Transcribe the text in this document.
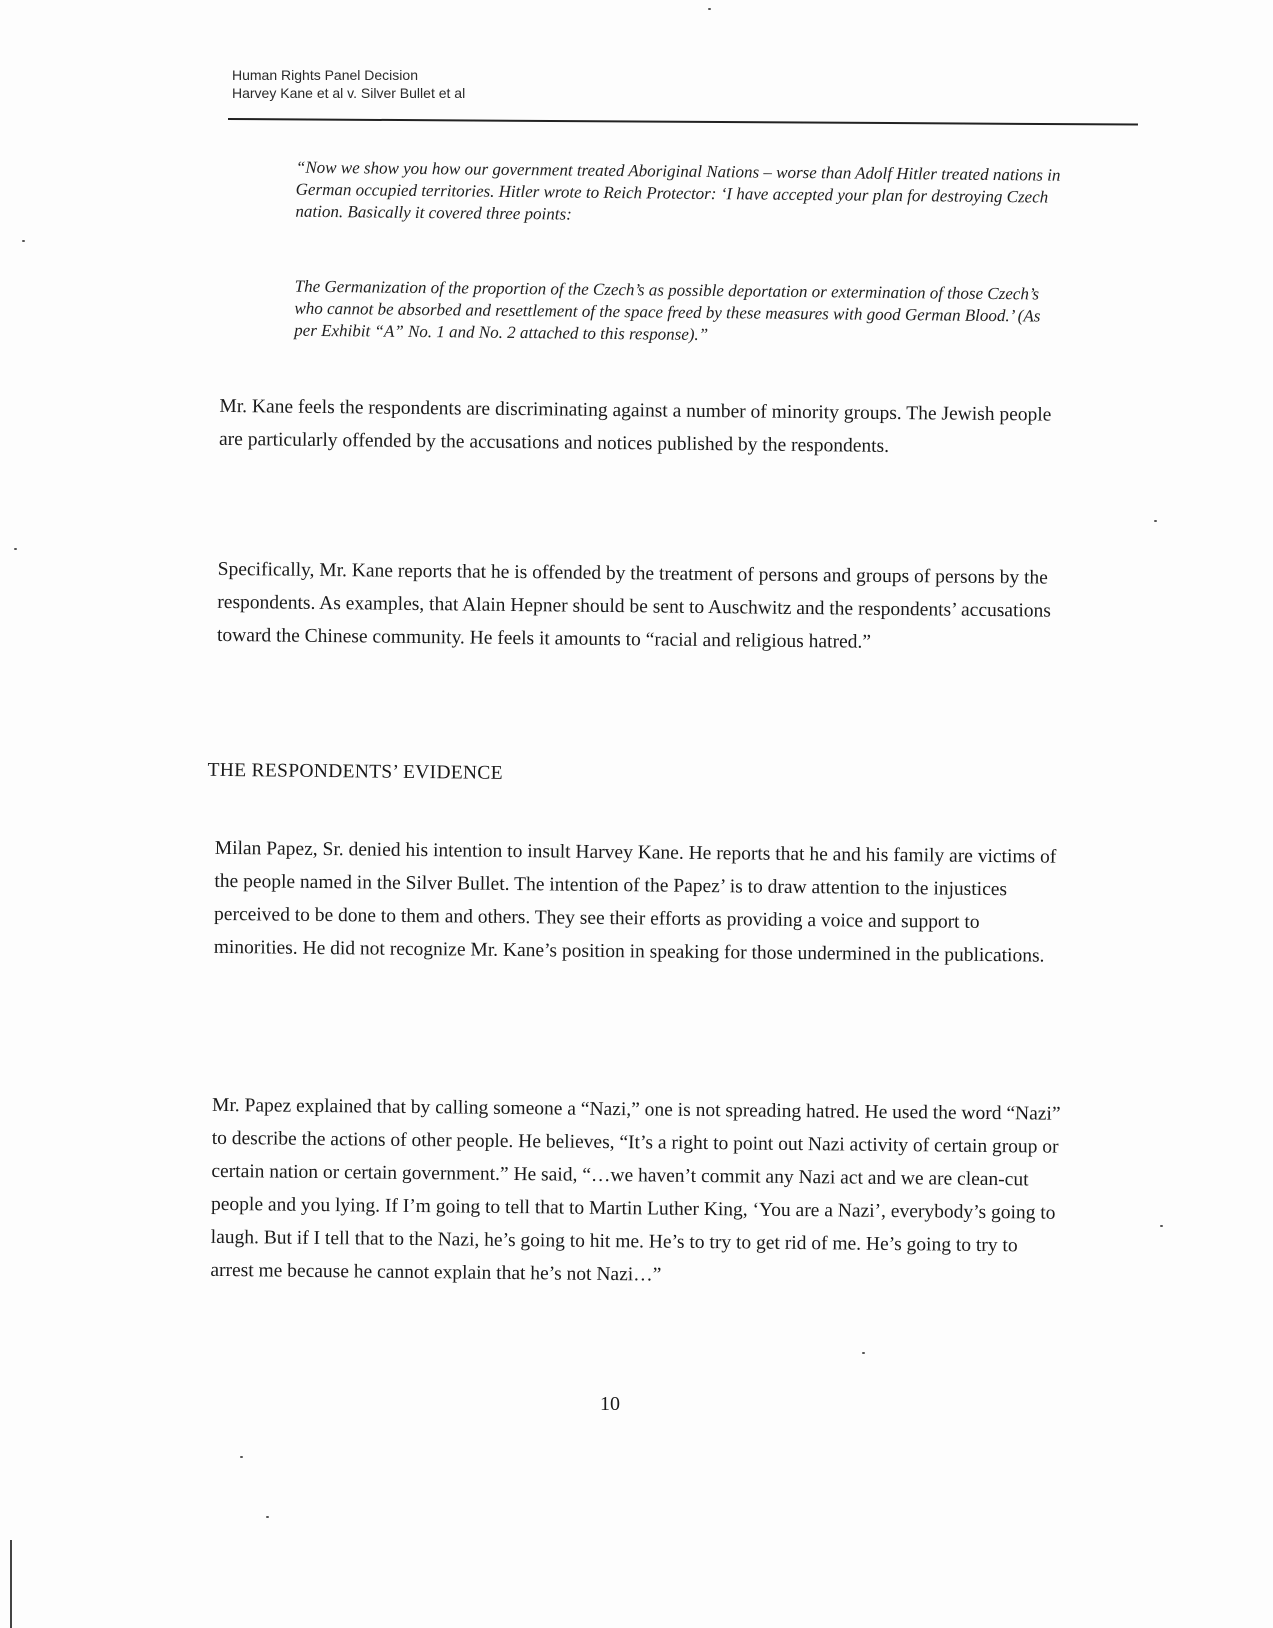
Human Rights Panel Decision
Harvey Kane et al v. Silver Bullet et al
“Now we show you how our government treated Aboriginal Nations – worse than Adolf Hitler treated nations in German occupied territories. Hitler wrote to Reich Protector: ‘I have accepted your plan for destroying Czech nation. Basically it covered three points:
The Germanization of the proportion of the Czech’s as possible deportation or extermination of those Czech’s who cannot be absorbed and resettlement of the space freed by these measures with good German Blood.’ (As per Exhibit “A” No. 1 and No. 2 attached to this response).”
Mr. Kane feels the respondents are discriminating against a number of minority groups. The Jewish people are particularly offended by the accusations and notices published by the respondents.
Specifically, Mr. Kane reports that he is offended by the treatment of persons and groups of persons by the respondents. As examples, that Alain Hepner should be sent to Auschwitz and the respondents’ accusations toward the Chinese community. He feels it amounts to “racial and religious hatred.”
THE RESPONDENTS’ EVIDENCE
Milan Papez, Sr. denied his intention to insult Harvey Kane. He reports that he and his family are victims of the people named in the Silver Bullet. The intention of the Papez’ is to draw attention to the injustices perceived to be done to them and others. They see their efforts as providing a voice and support to minorities. He did not recognize Mr. Kane’s position in speaking for those undermined in the publications.
Mr. Papez explained that by calling someone a “Nazi,” one is not spreading hatred. He used the word “Nazi” to describe the actions of other people. He believes, “It’s a right to point out Nazi activity of certain group or certain nation or certain government.” He said, “…we haven’t commit any Nazi act and we are clean-cut people and you lying. If I’m going to tell that to Martin Luther King, ‘You are a Nazi’, everybody’s going to laugh. But if I tell that to the Nazi, he’s going to hit me. He’s to try to get rid of me. He’s going to try to arrest me because he cannot explain that he’s not Nazi…”
10
